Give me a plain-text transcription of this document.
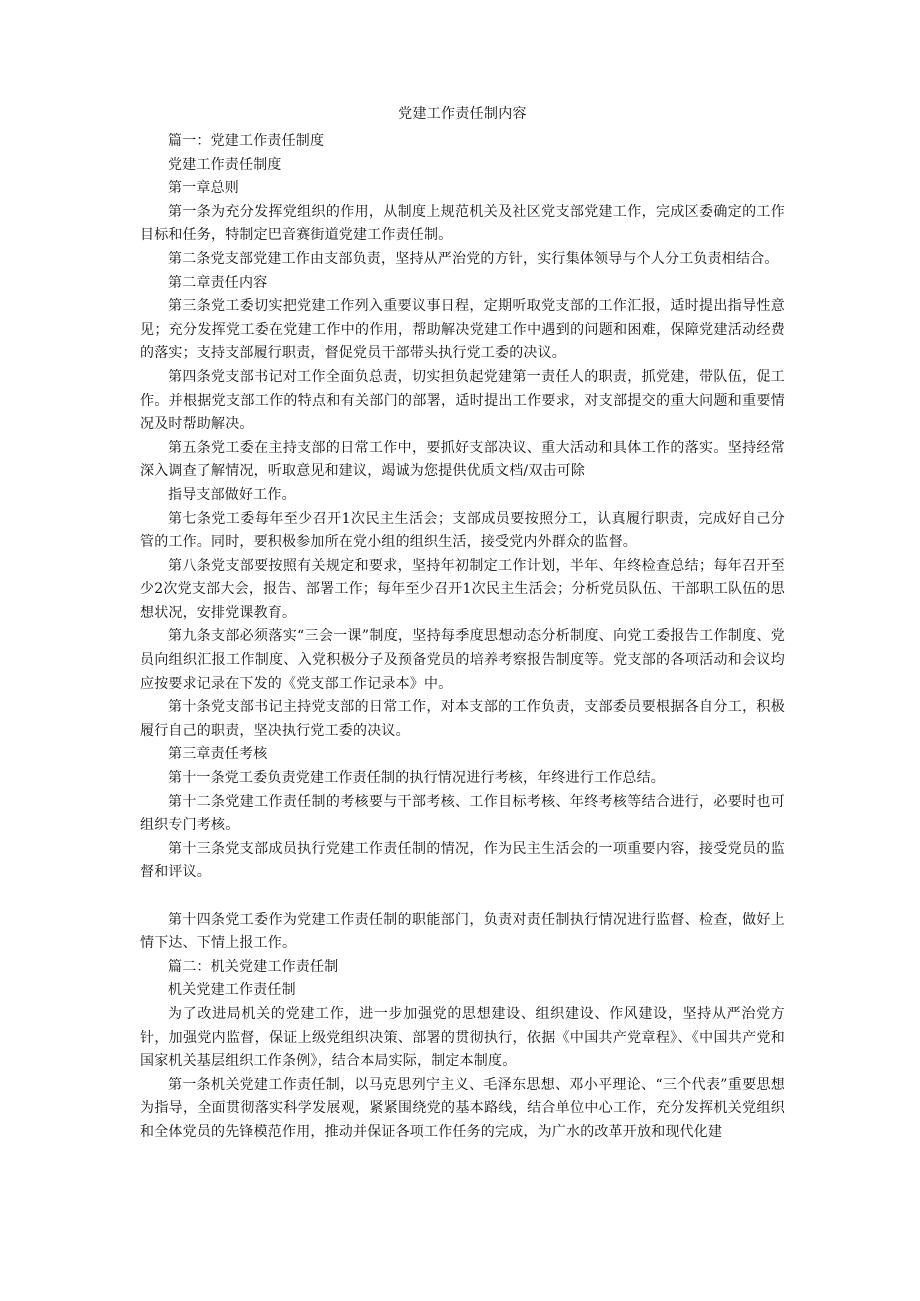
党建工作责任制内容

篇一：党建工作责任制度

党建工作责任制度

第一章总则

第一条为充分发挥党组织的作用，从制度上规范机关及社区党支部党建工作，完成区委确定的工作目标和任务，特制定巴音赛街道党建工作责任制。

第二条党支部党建工作由支部负责，坚持从严治党的方针，实行集体领导与个人分工负责相结合。

第二章责任内容

第三条党工委切实把党建工作列入重要议事日程，定期听取党支部的工作汇报，适时提出指导性意见；充分发挥党工委在党建工作中的作用，帮助解决党建工作中遇到的问题和困难，保障党建活动经费的落实；支持支部履行职责，督促党员干部带头执行党工委的决议。

第四条党支部书记对工作全面负总责，切实担负起党建第一责任人的职责，抓党建，带队伍，促工作。并根据党支部工作的特点和有关部门的部署，适时提出工作要求，对支部提交的重大问题和重要情况及时帮助解决。

第五条党工委在主持支部的日常工作中，要抓好支部决议、重大活动和具体工作的落实。坚持经常深入调查了解情况，听取意见和建议，竭诚为您提供优质文档/双击可除

指导支部做好工作。

第七条党工委每年至少召开1次民主生活会；支部成员要按照分工，认真履行职责，完成好自己分管的工作。同时，要积极参加所在党小组的组织生活，接受党内外群众的监督。

第八条党支部要按照有关规定和要求，坚持年初制定工作计划，半年、年终检查总结；每年召开至少2次党支部大会，报告、部署工作；每年至少召开1次民主生活会；分析党员队伍、干部职工队伍的思想状况，安排党课教育。

第九条支部必须落实“三会一课”制度，坚持每季度思想动态分析制度、向党工委报告工作制度、党员向组织汇报工作制度、入党积极分子及预备党员的培养考察报告制度等。党支部的各项活动和会议均应按要求记录在下发的《党支部工作记录本》中。

第十条党支部书记主持党支部的日常工作，对本支部的工作负责，支部委员要根据各自分工，积极履行自己的职责，坚决执行党工委的决议。

第三章责任考核

第十一条党工委负责党建工作责任制的执行情况进行考核，年终进行工作总结。

第十二条党建工作责任制的考核要与干部考核、工作目标考核、年终考核等结合进行，必要时也可组织专门考核。

第十三条党支部成员执行党建工作责任制的情况，作为民主生活会的一项重要内容，接受党员的监督和评议。

第十四条党工委作为党建工作责任制的职能部门，负责对责任制执行情况进行监督、检查，做好上情下达、下情上报工作。

篇二：机关党建工作责任制

机关党建工作责任制

为了改进局机关的党建工作，进一步加强党的思想建设、组织建设、作风建设，坚持从严治党方针，加强党内监督，保证上级党组织决策、部署的贯彻执行，依据《中国共产党章程》、《中国共产党和国家机关基层组织工作条例》，结合本局实际，制定本制度。

第一条机关党建工作责任制，以马克思列宁主义、毛泽东思想、邓小平理论、“三个代表”重要思想为指导，全面贯彻落实科学发展观，紧紧围绕党的基本路线，结合单位中心工作，充分发挥机关党组织和全体党员的先锋模范作用，推动并保证各项工作任务的完成，为广水的改革开放和现代化建
